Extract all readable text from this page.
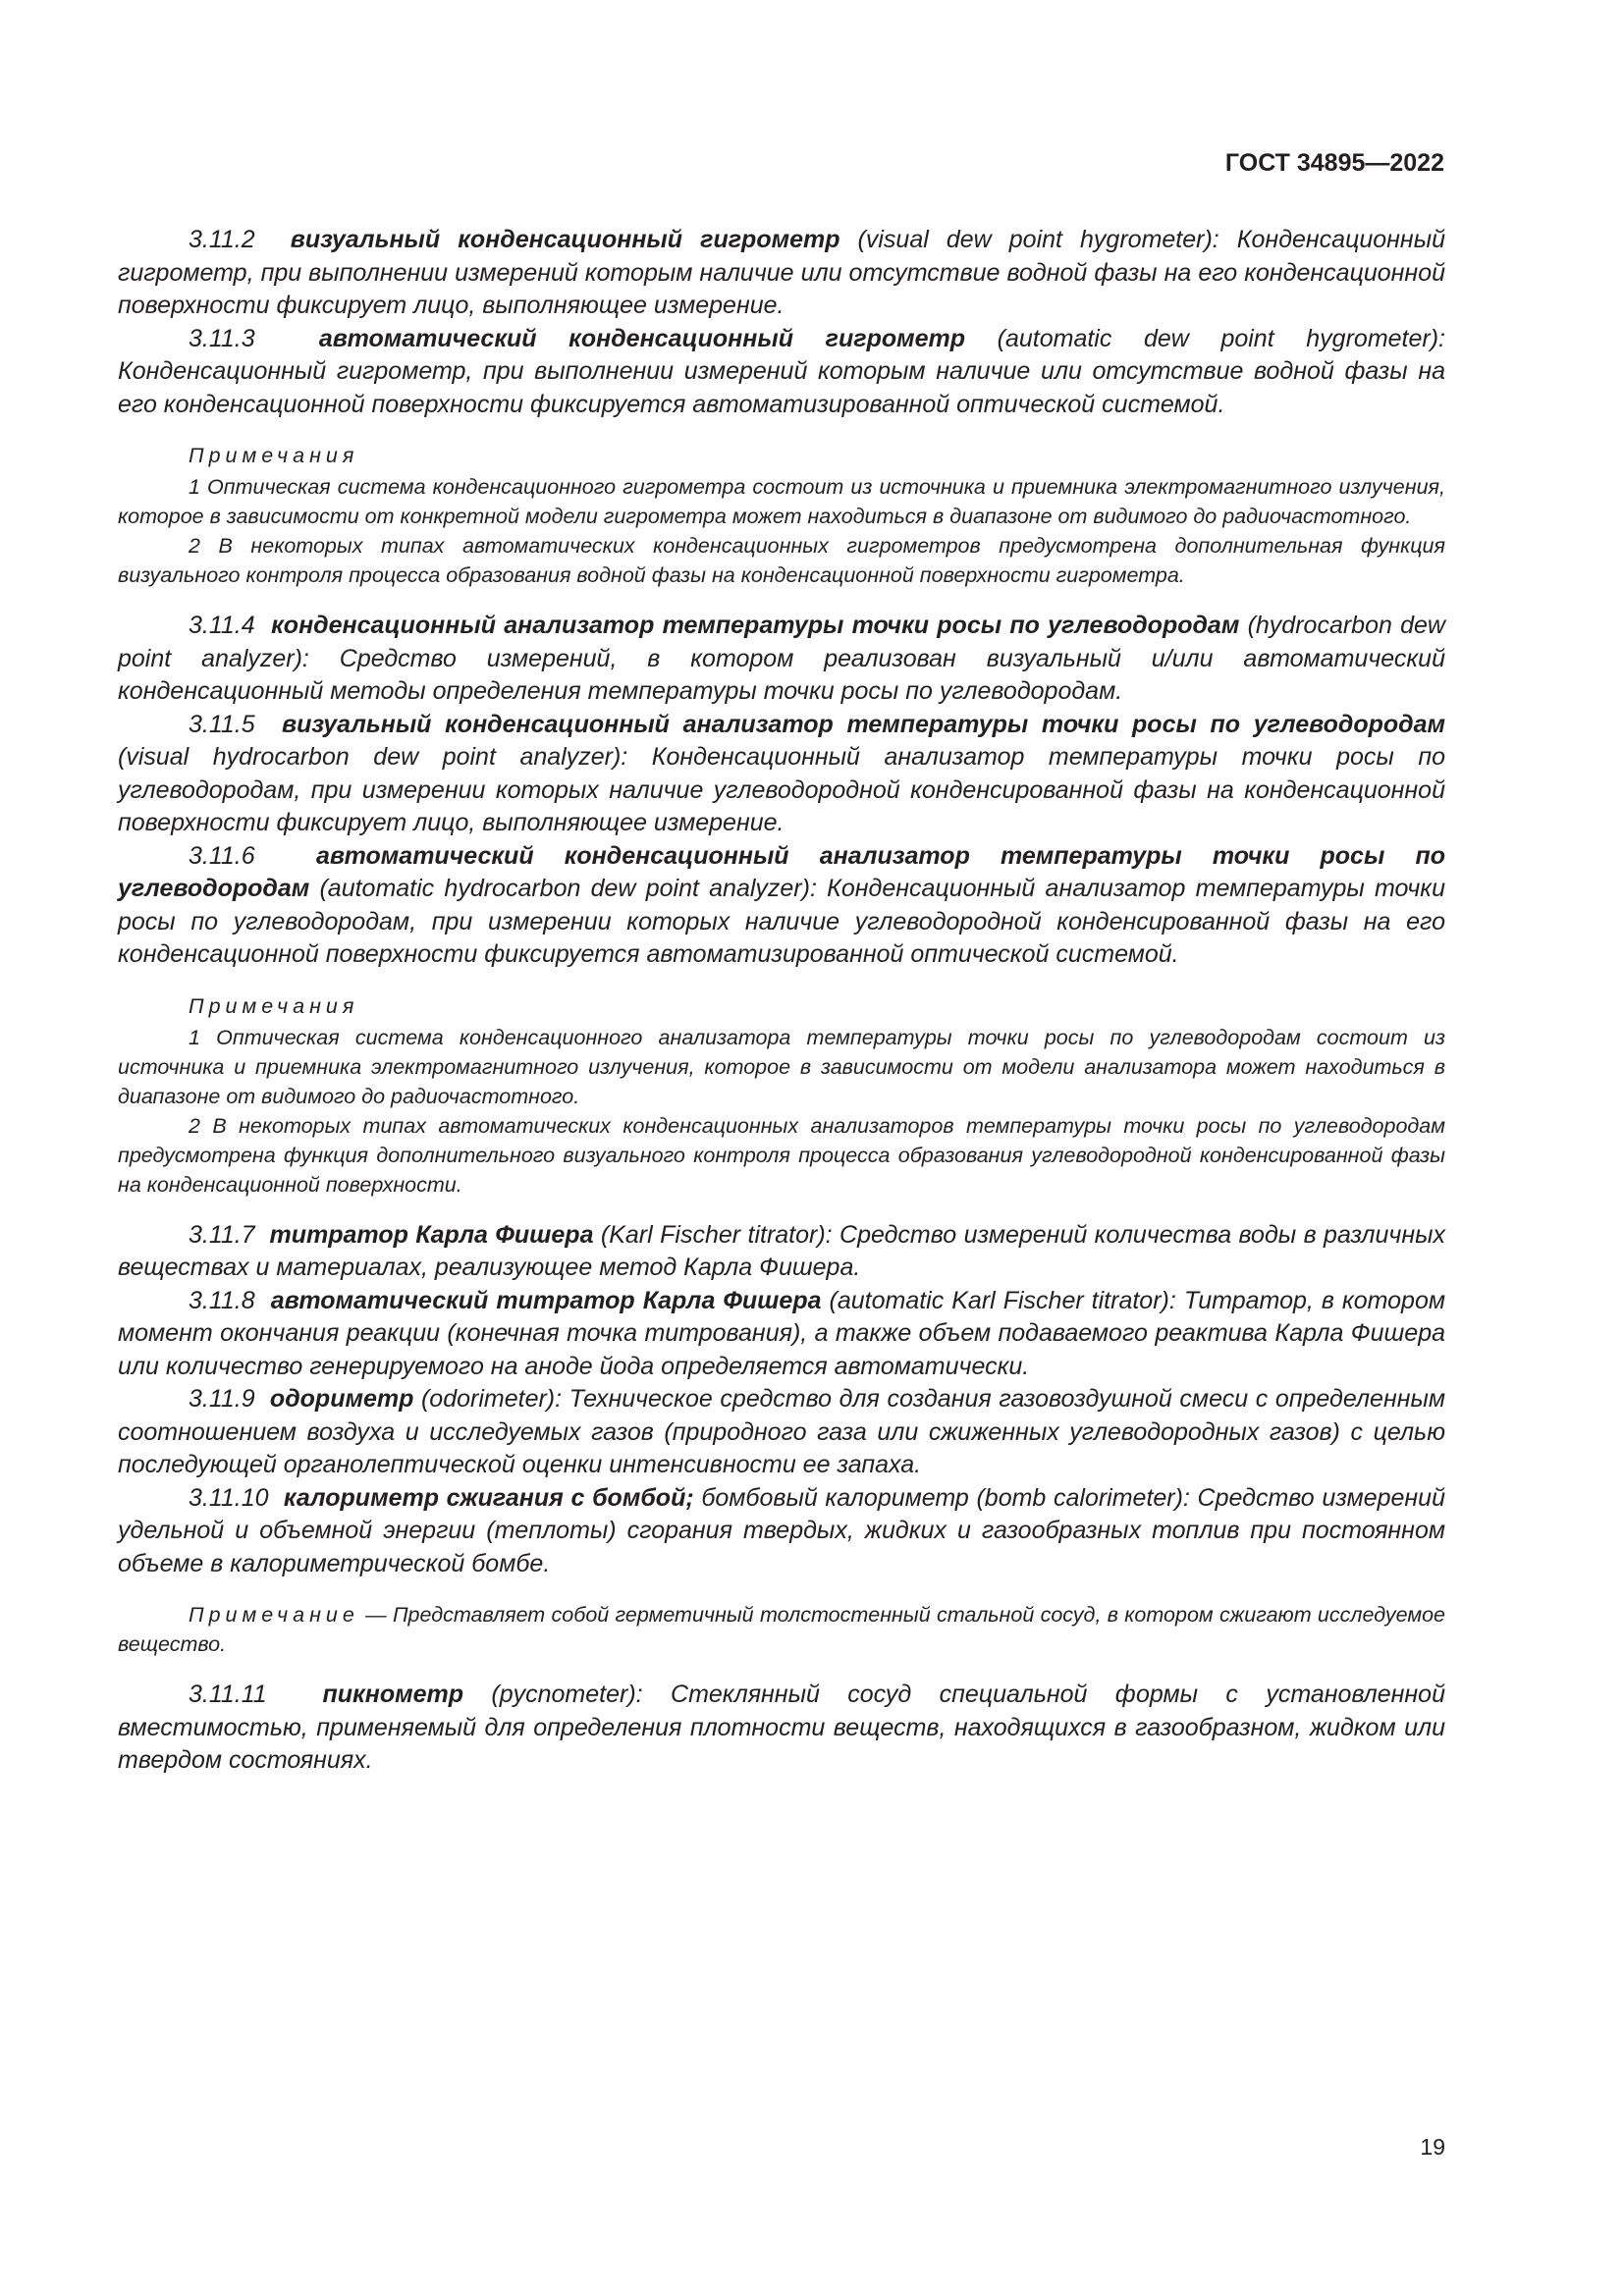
ГОСТ 34895—2022

3.11.2 визуальный конденсационный гигрометр (visual dew point hygrometer): Конденсационный гигрометр, при выполнении измерений которым наличие или отсутствие водной фазы на его конденсационной поверхности фиксирует лицо, выполняющее измерение.

3.11.3	автоматический конденсационный гигрометр (automatic dew point hygrometer): Конденсационный гигрометр, при выполнении измерений которым наличие или отсутствие водной фазы на его конденсационной поверхности фиксируется автоматизированной оптической системой.

Примечания

1 Оптическая система конденсационного гигрометра состоит из источника и приемника электромагнитного излучения, которое в зависимости от конкретной модели гигрометра может находиться в диапазоне от видимого до радиочастотного.

2 В некоторых типах автоматических конденсационных гигрометров предусмотрена дополнительная функция визуального контроля процесса образования водной фазы на конденсационной поверхности гигрометра.

3.11.4 конденсационный анализатор температуры точки росы по углеводородам (hydrocarbon dew point analyzer): Средство измерений, в котором реализован визуальный и/или автоматический конденсационный методы определения температуры точки росы по углеводородам.

3.11.5 визуальный конденсационный анализатор температуры точки росы по углеводородам (visual hydrocarbon dew point analyzer): Конденсационный анализатор температуры точки росы по углеводородам, при измерении которых наличие углеводородной конденсированной фазы на конденсационной поверхности фиксирует лицо, выполняющее измерение.

3.11.6 автоматический конденсационный анализатор температуры точки росы по углеводородам (automatic hydrocarbon dew point analyzer): Конденсационный анализатор температуры точки росы по углеводородам, при измерении которых наличие углеводородной конденсированной фазы на его конденсационной поверхности фиксируется автоматизированной оптической системой.

Примечания

1 Оптическая система конденсационного анализатора температуры точки росы по углеводородам состоит из источника и приемника электромагнитного излучения, которое в зависимости от модели анализатора может находиться в диапазоне от видимого до радиочастотного.

2 В некоторых типах автоматических конденсационных анализаторов температуры точки росы по углеводородам предусмотрена функция дополнительного визуального контроля процесса образования углеводородной конденсированной фазы на конденсационной поверхности.

3.11.7 титратор Карла Фишера (Karl Fischer titrator): Средство измерений количества воды в различных веществах и материалах, реализующее метод Карла Фишера.

3.11.8 автоматический титратор Карла Фишера (automatic Karl Fischer titrator): Титратор, в котором момент окончания реакции (конечная точка титрования), а также объем подаваемого реактива Карла Фишера или количество генерируемого на аноде йода определяется автоматически.

3.11.9 одориметр (odorimeter): Техническое средство для создания газовоздушной смеси с определенным соотношением воздуха и исследуемых газов (природного газа или сжиженных углеводородных газов) с целью последующей органолептической оценки интенсивности ее запаха.

3.11.10 калориметр сжигания с бомбой; бомбовый калориметр (bomb calorimeter): Средство измерений удельной и объемной энергии (теплоты) сгорания твердых, жидких и газообразных топлив при постоянном объеме в калориметрической бомбе.

Примечание — Представляет собой герметичный толстостенный стальной сосуд, в котором сжигают исследуемое вещество.

3.11.11 пикнометр (pycnometer): Стеклянный сосуд специальной формы с установленной вместимостью, применяемый для определения плотности веществ, находящихся в газообразном, жидком или твердом состояниях.

19
